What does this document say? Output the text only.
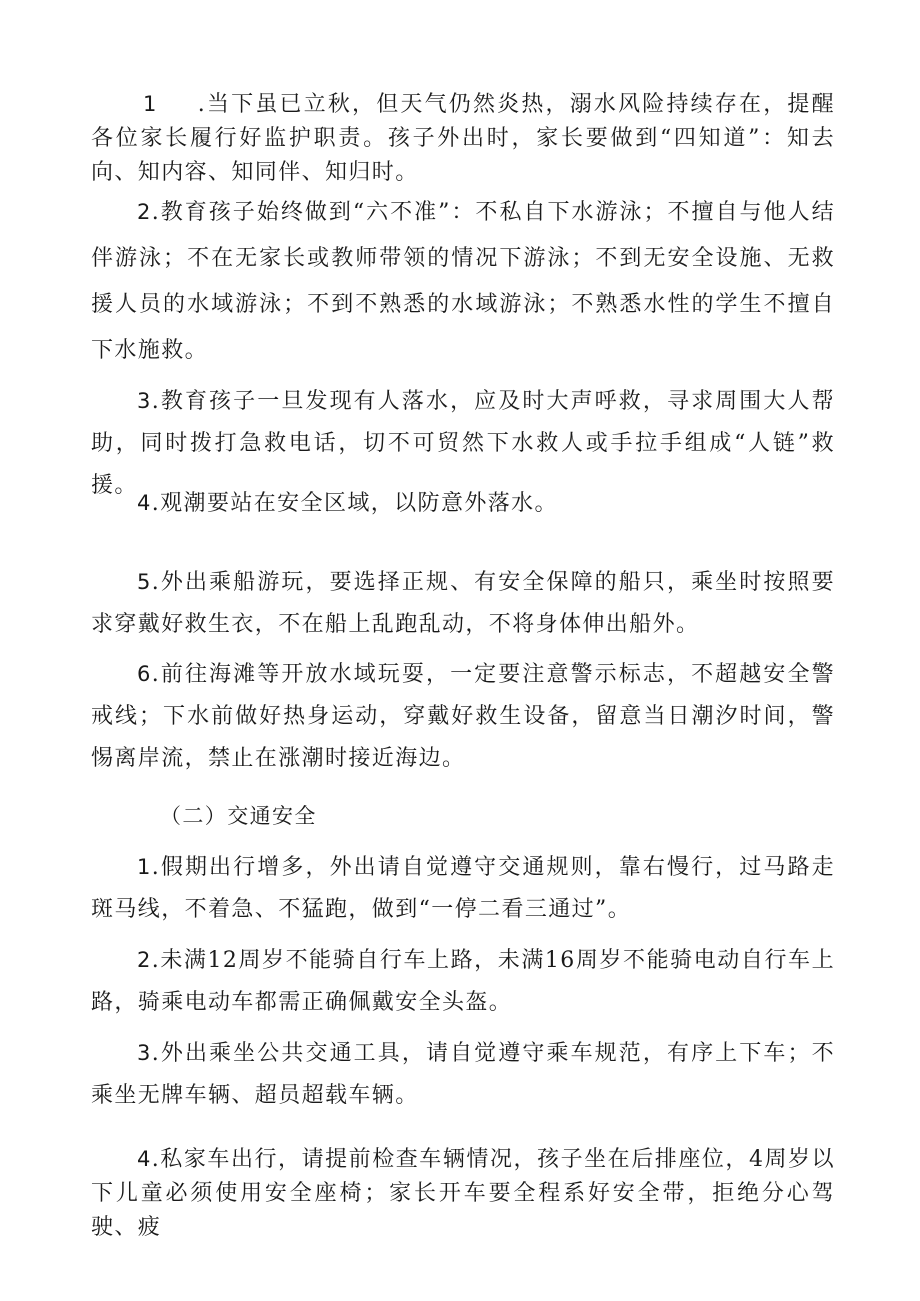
1 .当下虽已立秋，但天气仍然炎热，溺水风险持续存在，提醒各位家长履行好监护职责。孩子外出时，家长要做到“四知道”：知去向、知内容、知同伴、知归时。

2.教育孩子始终做到“六不准”：不私自下水游泳；不擅自与他人结伴游泳；不在无家长或教师带领的情况下游泳；不到无安全设施、无救援人员的水域游泳；不到不熟悉的水域游泳；不熟悉水性的学生不擅自下水施救。

3.教育孩子一旦发现有人落水，应及时大声呼救，寻求周围大人帮助，同时拨打急救电话，切不可贸然下水救人或手拉手组成“人链”救援。

4.观潮要站在安全区域，以防意外落水。

5.外出乘船游玩，要选择正规、有安全保障的船只，乘坐时按照要求穿戴好救生衣，不在船上乱跑乱动，不将身体伸出船外。

6.前往海滩等开放水域玩耍，一定要注意警示标志，不超越安全警戒线；下水前做好热身运动，穿戴好救生设备，留意当日潮汐时间，警惕离岸流，禁止在涨潮时接近海边。

（二）交通安全

1.假期出行增多，外出请自觉遵守交通规则，靠右慢行，过马路走斑马线，不着急、不猛跑，做到“一停二看三通过”。

2.未满12周岁不能骑自行车上路，未满16周岁不能骑电动自行车上路，骑乘电动车都需正确佩戴安全头盔。

3.外出乘坐公共交通工具，请自觉遵守乘车规范，有序上下车；不乘坐无牌车辆、超员超载车辆。

4.私家车出行，请提前检查车辆情况，孩子坐在后排座位，4周岁以下儿童必须使用安全座椅；家长开车要全程系好安全带，拒绝分心驾驶、疲
